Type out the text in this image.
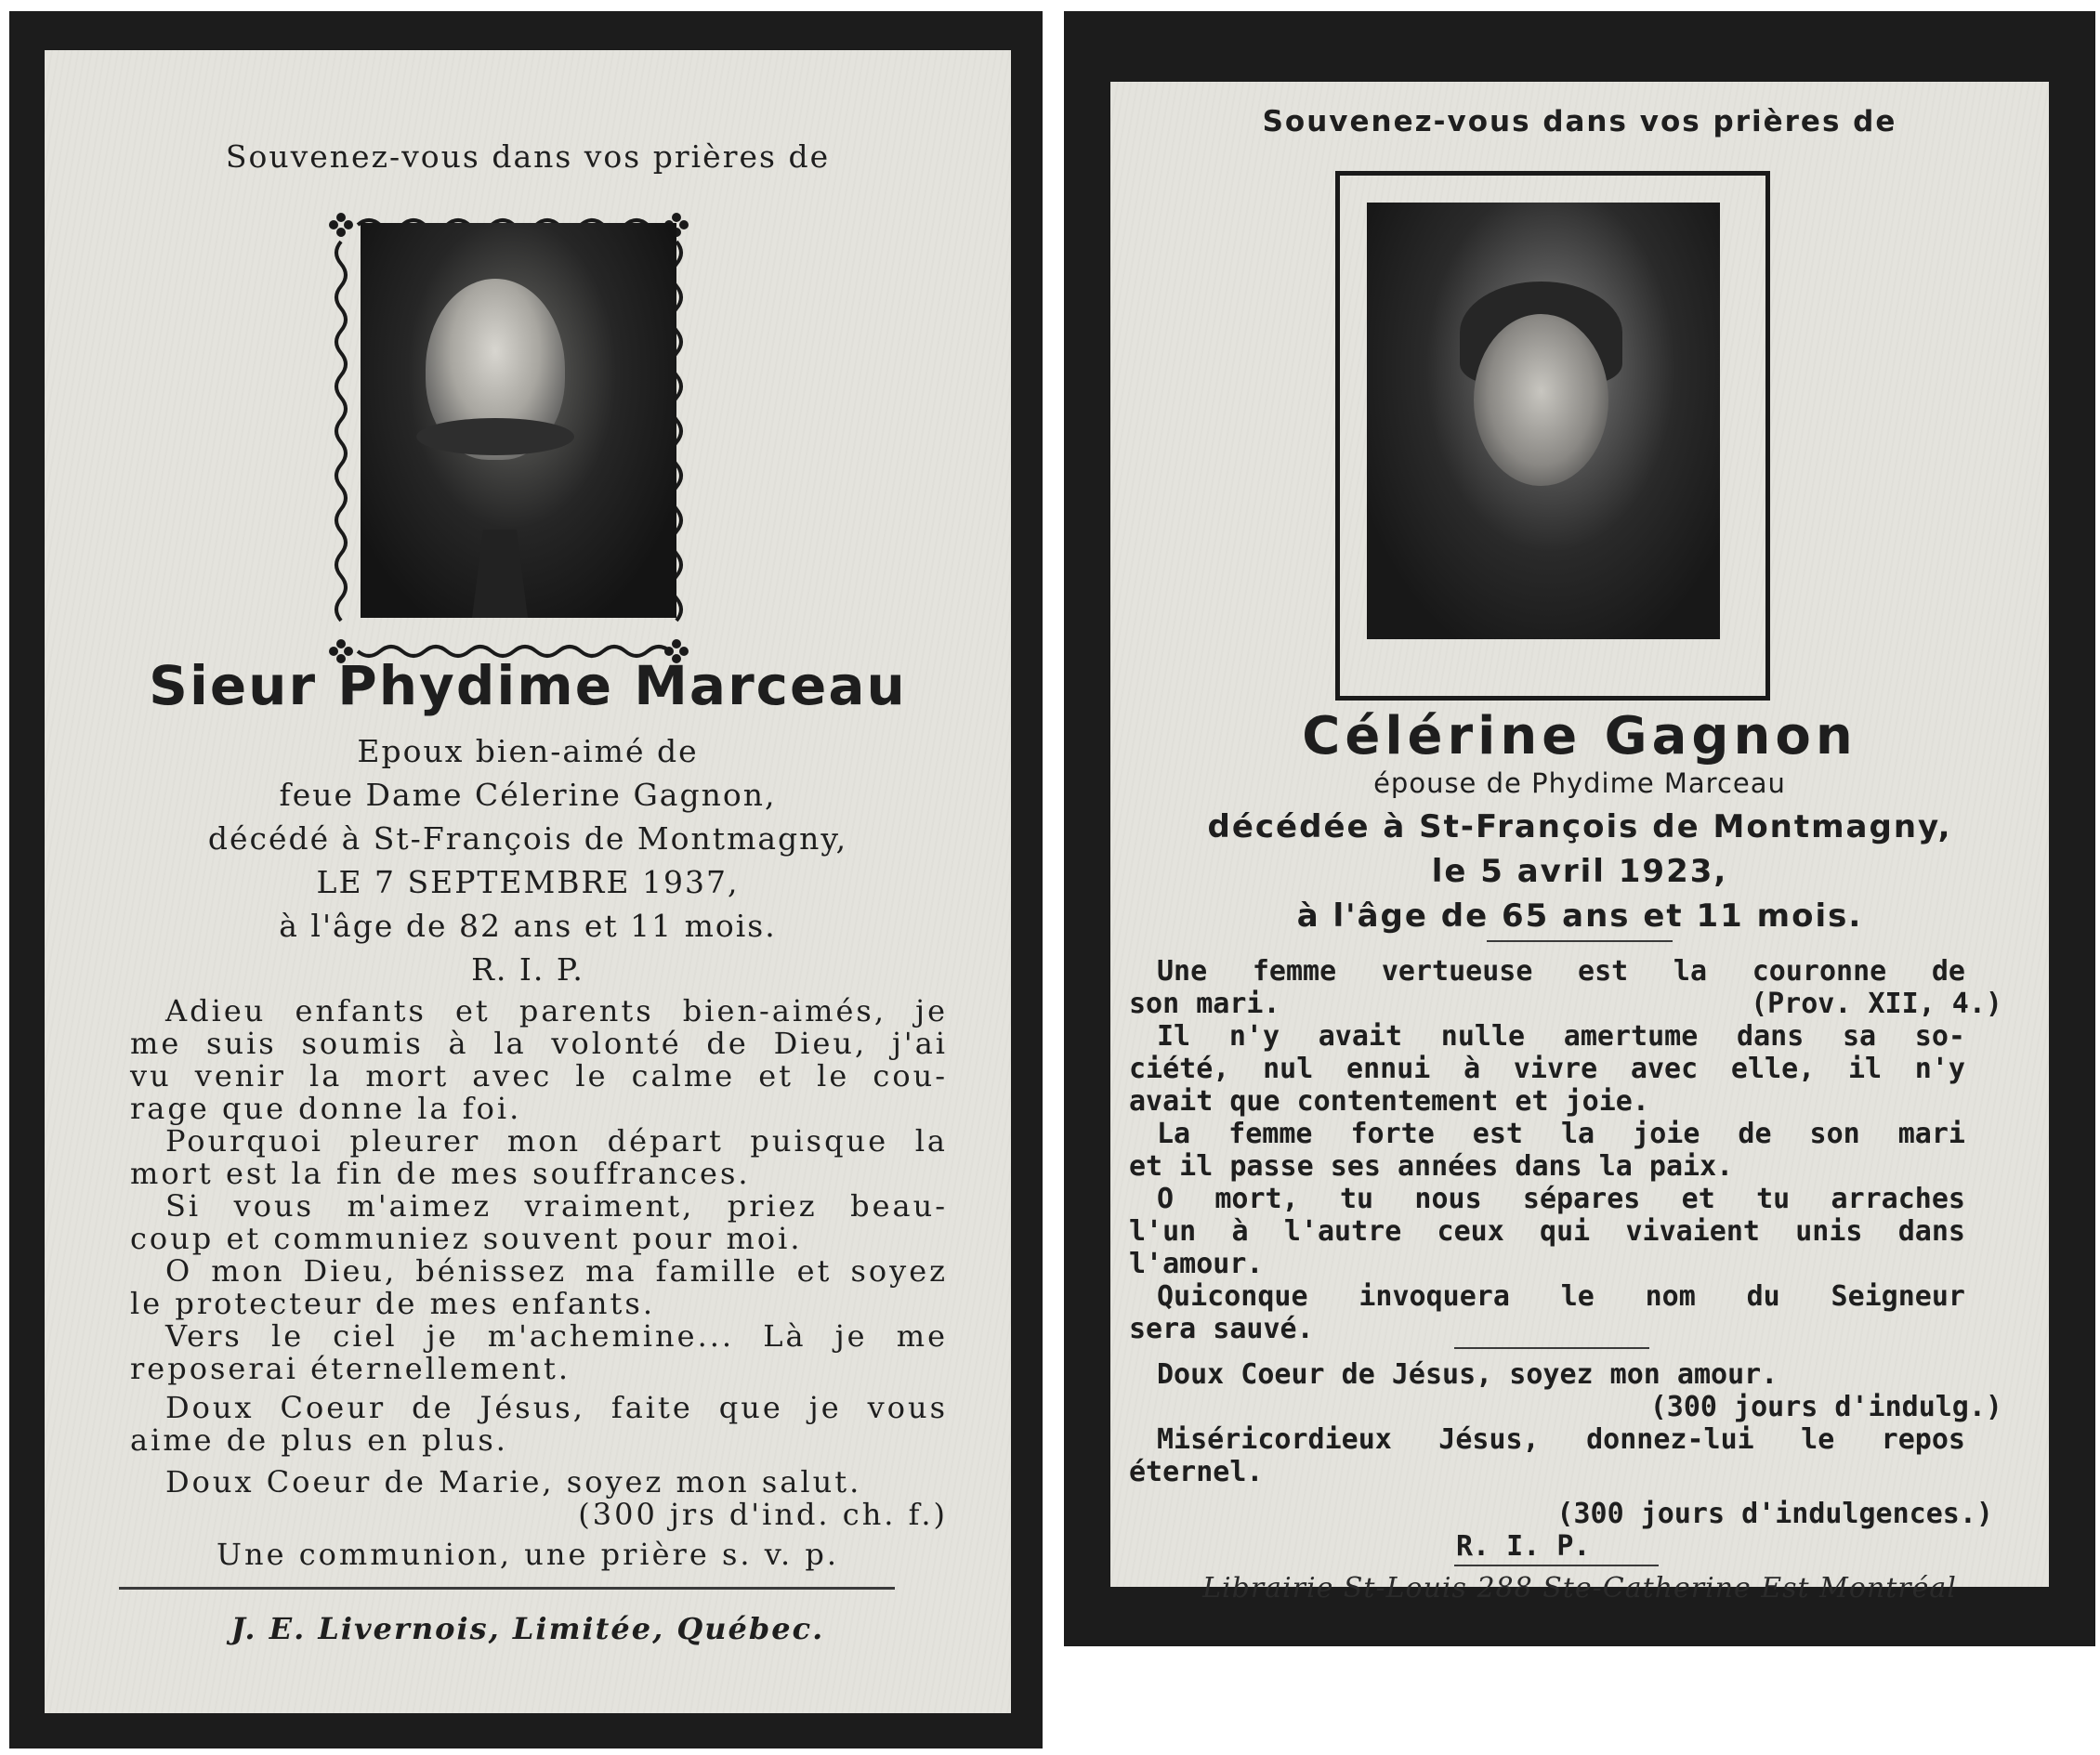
Souvenez-vous dans vos prières de
Sieur Phydime Marceau
Epoux bien-aimé de
feue Dame Célerine Gagnon,
décédé à St-François de Montmagny,
LE 7 SEPTEMBRE 1937,
à l'âge de 82 ans et 11 mois.
R. I. P.
Adieu enfants et parents bien-aimés, je
me suis soumis à la volonté de Dieu, j'ai
vu venir la mort avec le calme et le cou-
rage que donne la foi.
Pourquoi pleurer mon départ puisque la
mort est la fin de mes souffrances.
Si vous m'aimez vraiment, priez beau-
coup et communiez souvent pour moi.
O mon Dieu, bénissez ma famille et soyez
le protecteur de mes enfants.
Vers le ciel je m'achemine... Là je me
reposerai éternellement.
Doux Coeur de Jésus, faite que je vous
aime de plus en plus.
Doux Coeur de Marie, soyez mon salut.
(300 jrs d'ind. ch. f.)
Une communion, une prière s. v. p.
J. E. Livernois, Limitée, Québec.
Souvenez-vous dans vos prières de
Célérine Gagnon
épouse de Phydime Marceau
décédée à St-François de Montmagny,
le 5 avril 1923,
à l'âge de 65 ans et 11 mois.
Une femme vertueuse est la couronne de
son mari.	(Prov. XII, 4.)
Il n'y avait nulle amertume dans sa so-
ciété, nul ennui à vivre avec elle, il n'y
avait que contentement et joie.
La femme forte est la joie de son mari
et il passe ses années dans la paix.
O mort, tu nous sépares et tu arraches
l'un à l'autre ceux qui vivaient unis dans
l'amour.
Quiconque invoquera le nom du Seigneur
sera sauvé.
Doux Coeur de Jésus, soyez mon amour.
(300 jours d'indulg.)
Miséricordieux Jésus, donnez-lui le repos
éternel.
(300 jours d'indulgences.)
R. I. P.
Librairie St-Louis 288 Ste-Catherine Est Montréal
